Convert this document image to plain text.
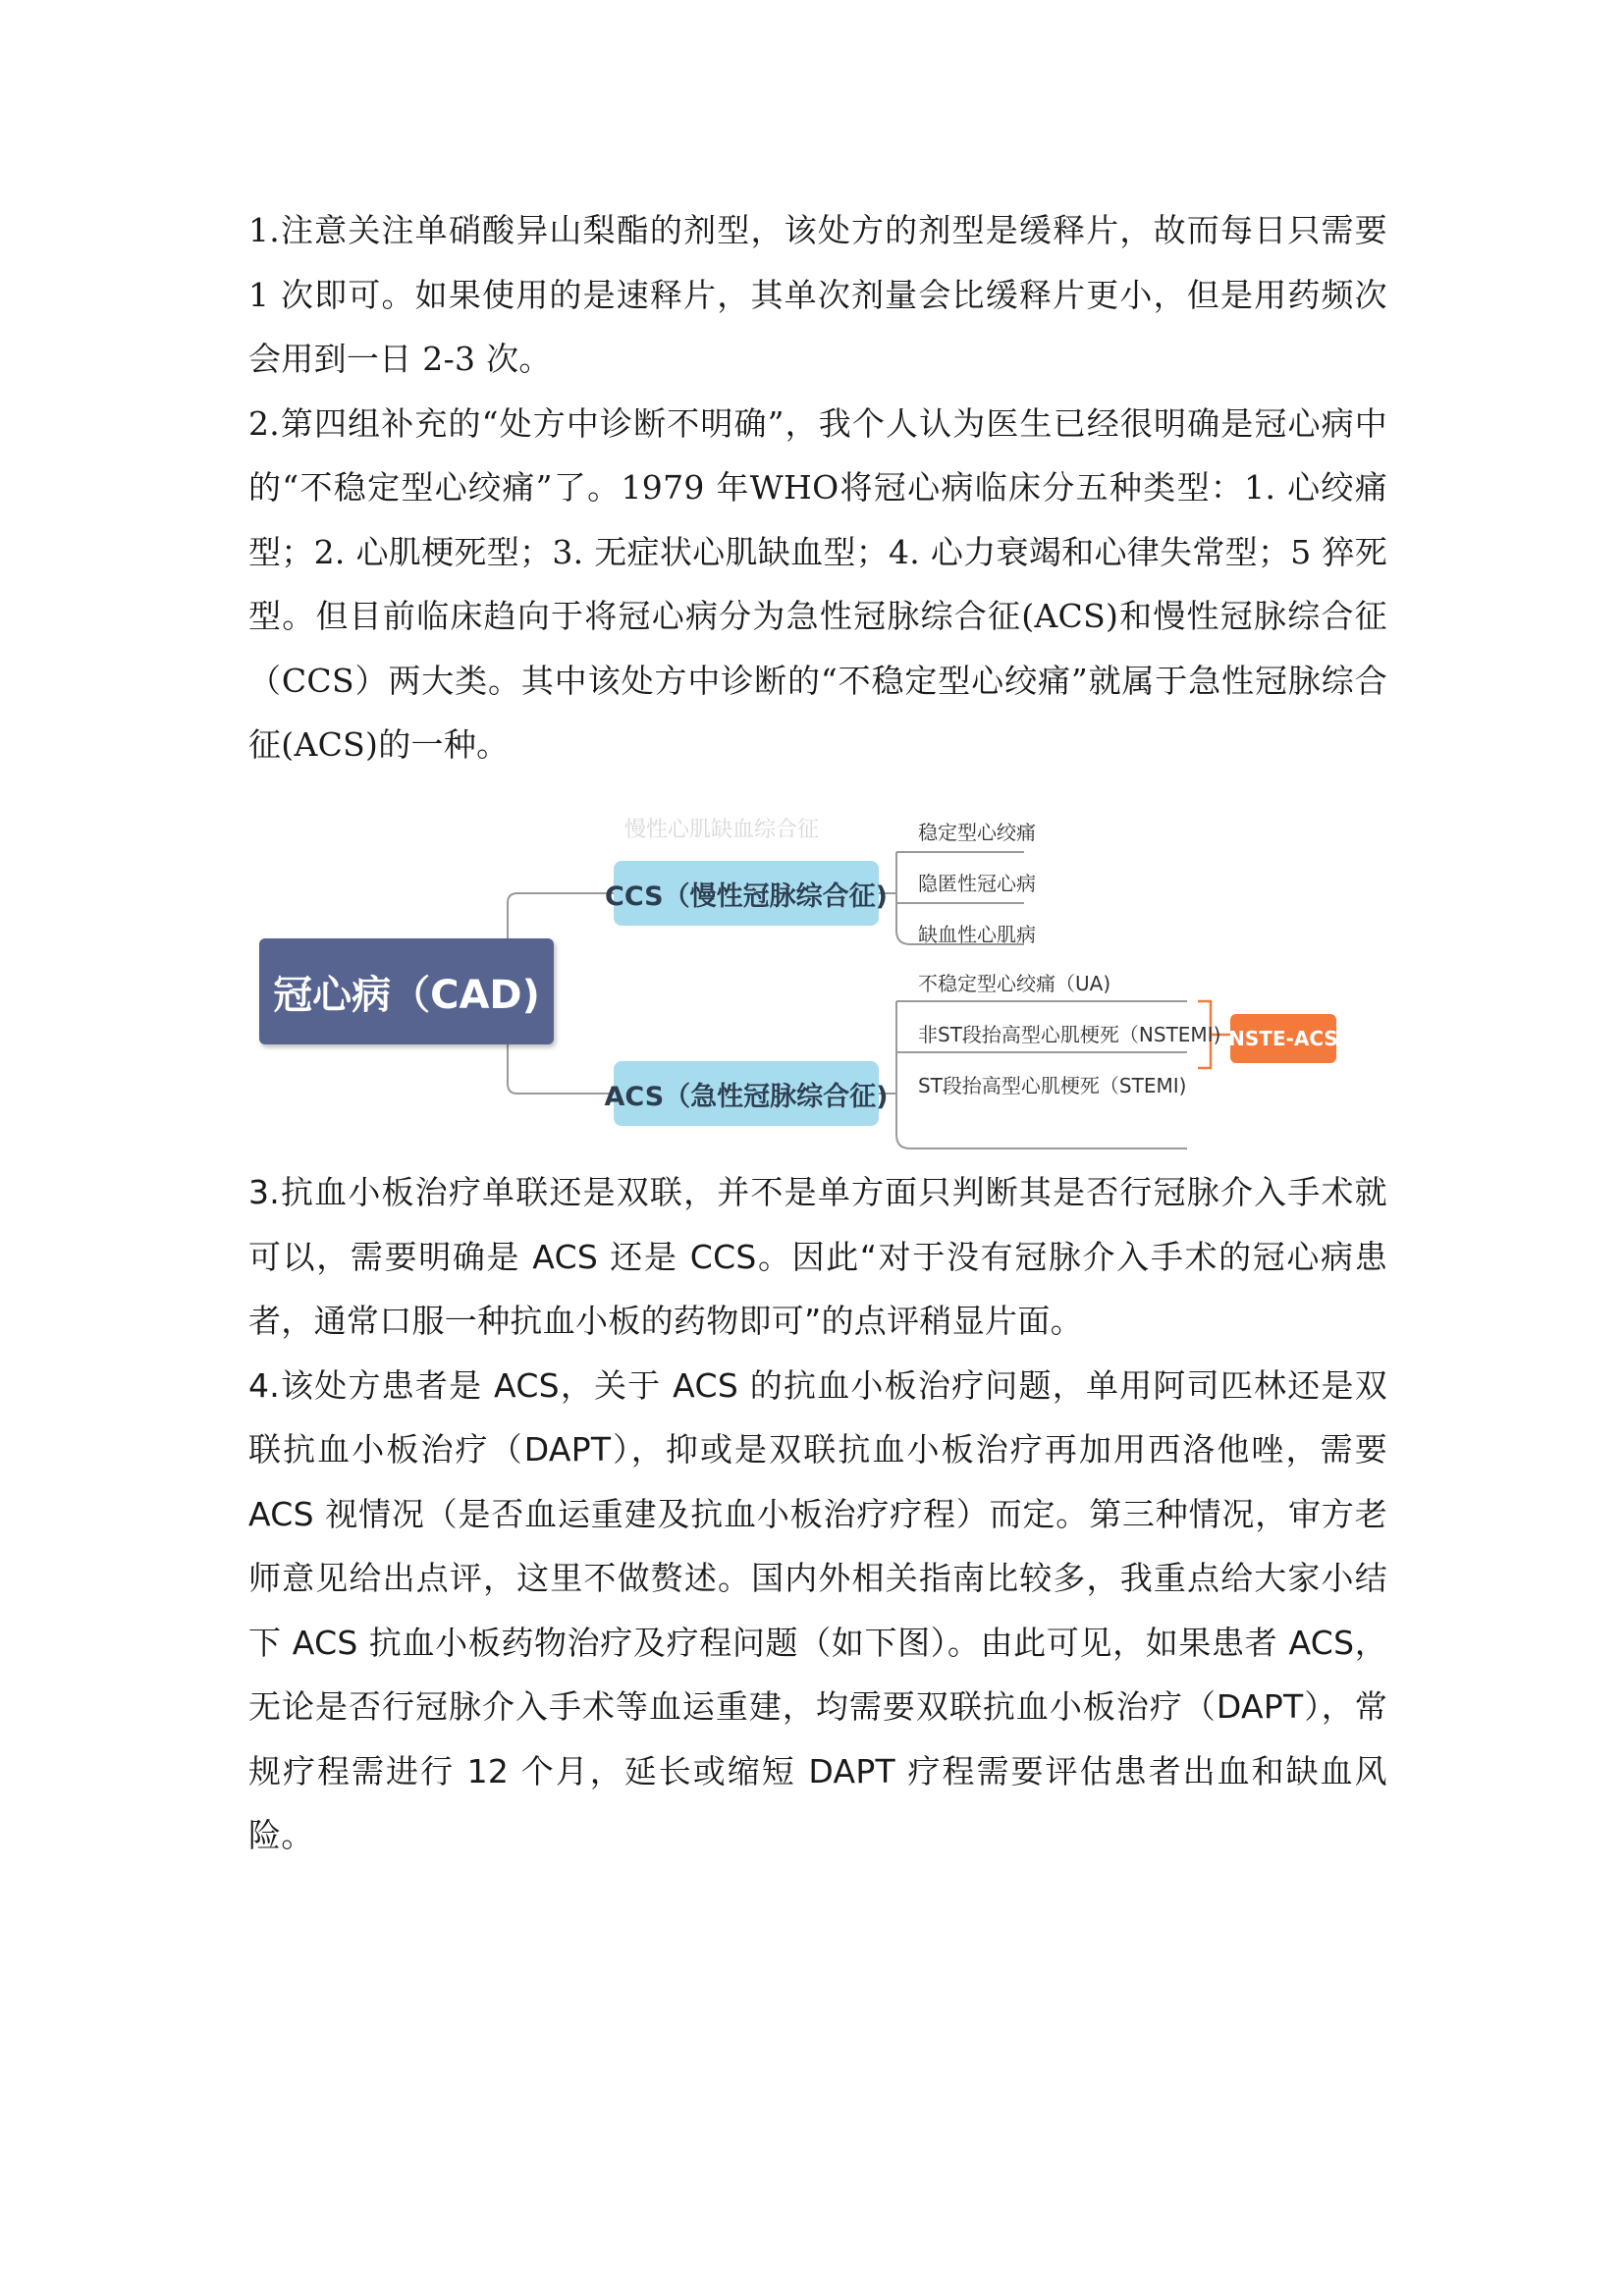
1.注意关注单硝酸异山梨酯的剂型，该处方的剂型是缓释片，故而每日只需要 1 次即可。如果使用的是速释片，其单次剂量会比缓释片更小，但是用药频次会用到一日 2-3 次。

2.第四组补充的“处方中诊断不明确”，我个人认为医生已经很明确是冠心病中的“不稳定型心绞痛”了。1979 年WHO将冠心病临床分五种类型：1. 心绞痛型；2. 心肌梗死型；3. 无症状心肌缺血型；4. 心力衰竭和心律失常型；5 猝死型。但目前临床趋向于将冠心病分为急性冠脉综合征(ACS)和慢性冠脉综合征（CCS）两大类。其中该处方中诊断的“不稳定型心绞痛”就属于急性冠脉综合征(ACS)的一种。

慢性心肌缺血综合征
冠心病（CAD)
CCS（慢性冠脉综合征)
ACS（急性冠脉综合征)
稳定型心绞痛
隐匿性冠心病
缺血性心肌病
不稳定型心绞痛（UA)
非ST段抬高型心肌梗死（NSTEMI)
ST段抬高型心肌梗死（STEMI)
NSTE-ACS

3.抗血小板治疗单联还是双联，并不是单方面只判断其是否行冠脉介入手术就可以，需要明确是 ACS 还是 CCS。因此“对于没有冠脉介入手术的冠心病患者，通常口服一种抗血小板的药物即可”的点评稍显片面。

4.该处方患者是 ACS，关于 ACS 的抗血小板治疗问题，单用阿司匹林还是双联抗血小板治疗（DAPT），抑或是双联抗血小板治疗再加用西洛他唑，需要 ACS 视情况（是否血运重建及抗血小板治疗疗程）而定。第三种情况，审方老师意见给出点评，这里不做赘述。国内外相关指南比较多，我重点给大家小结下 ACS 抗血小板药物治疗及疗程问题（如下图）。由此可见，如果患者 ACS，无论是否行冠脉介入手术等血运重建，均需要双联抗血小板治疗（DAPT），常规疗程需进行 12 个月，延长或缩短 DAPT 疗程需要评估患者出血和缺血风险。
